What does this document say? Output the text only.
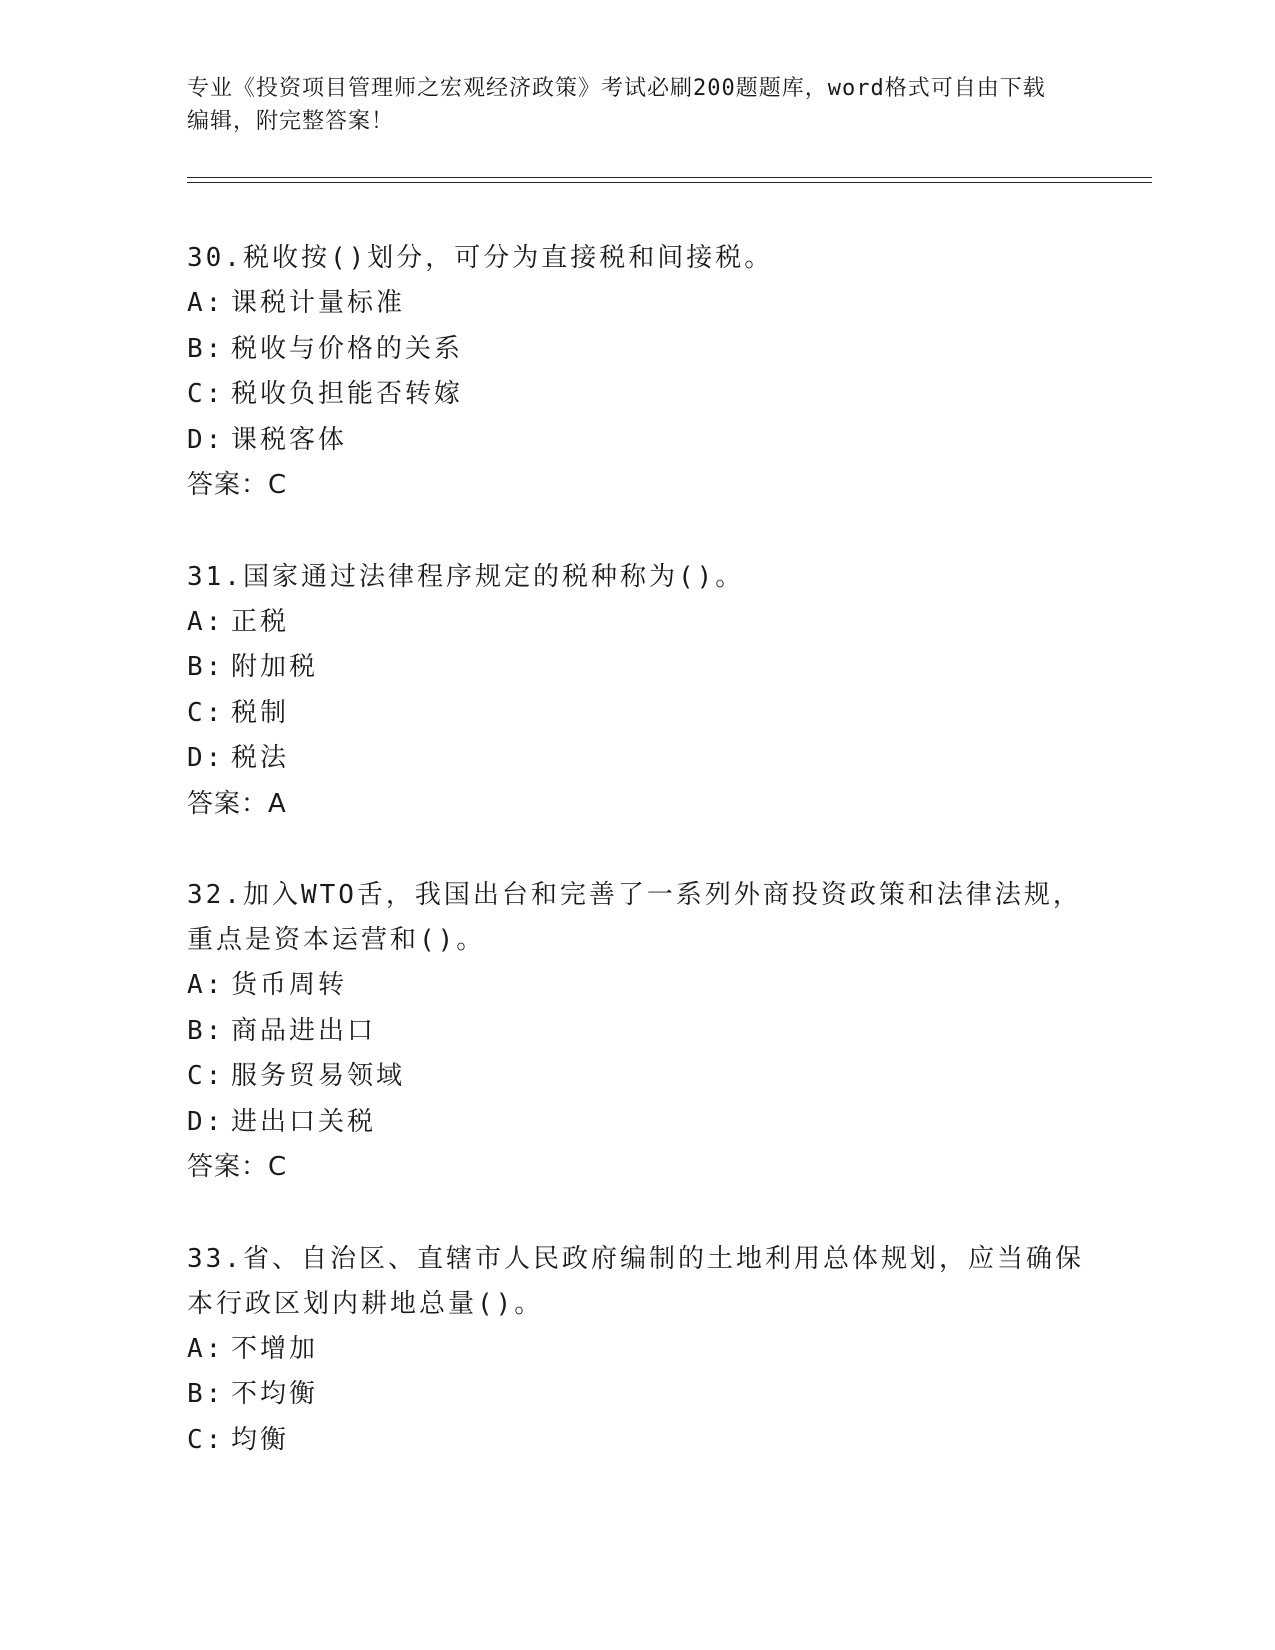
专业《投资项目管理师之宏观经济政策》考试必刷200题题库，word格式可自由下载编辑，附完整答案！

30.税收按()划分，可分为直接税和间接税。

A: 课税计量标准

B: 税收与价格的关系

C: 税收负担能否转嫁

D: 课税客体

答案：C

31.国家通过法律程序规定的税种称为()。

A: 正税

B: 附加税

C: 税制

D: 税法

答案：A

32.加入WTO舌，我国出台和完善了一系列外商投资政策和法律法规，重点是资本运营和()。

A: 货币周转

B: 商品进出口

C: 服务贸易领域

D: 进出口关税

答案：C

33.省、自治区、直辖市人民政府编制的土地利用总体规划，应当确保本行政区划内耕地总量()。

A: 不增加

B: 不均衡

C: 均衡
